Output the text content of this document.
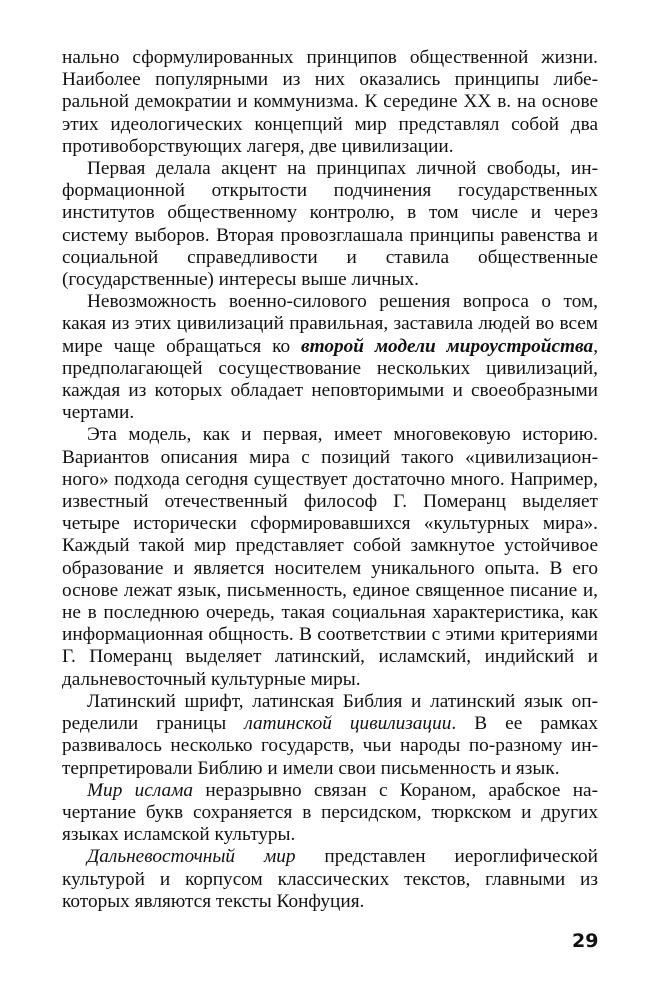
нально сформулированных принципов общественной жизни. Наиболее популярными из них оказались принципы либеральной демократии и коммунизма. К середине XX в. на основе этих идеологических концепций мир представлял собой два противоборствующих лагеря, две цивилизации.

Первая делала акцент на принципах личной свободы, информационной открытости подчинения государственных институтов общественному контролю, в том числе и через систему выборов. Вторая провозглашала принципы равенства и социальной справедливости и ставила общественные (государственные) интересы выше личных.

Невозможность военно-силового решения вопроса о том, какая из этих цивилизаций правильная, заставила людей во всем мире чаще обращаться ко второй модели мироустройства, предполагающей сосуществование нескольких цивилизаций, каждая из которых обладает неповторимыми и своеобразными чертами.

Эта модель, как и первая, имеет многовековую историю. Вариантов описания мира с позиций такого «цивилизационного» подхода сегодня существует достаточно много. Например, известный отечественный философ Г. Померанц выделяет четыре исторически сформировавшихся «культурных мира». Каждый такой мир представляет собой замкнутое устойчивое образование и является носителем уникального опыта. В его основе лежат язык, письменность, единое священное писание и, не в последнюю очередь, такая социальная характеристика, как информационная общность. В соответствии с этими критериями Г. Померанц выделяет латинский, исламский, индийский и дальневосточный культурные миры.

Латинский шрифт, латинская Библия и латинский язык определили границы латинской цивилизации. В ее рамках развивалось несколько государств, чьи народы по-разному интерпретировали Библию и имели свои письменность и язык.

Мир ислама неразрывно связан с Кораном, арабское начертание букв сохраняется в персидском, тюркском и других языках исламской культуры.

Дальневосточный мир представлен иероглифической культурой и корпусом классических текстов, главными из которых являются тексты Конфуция.

29
